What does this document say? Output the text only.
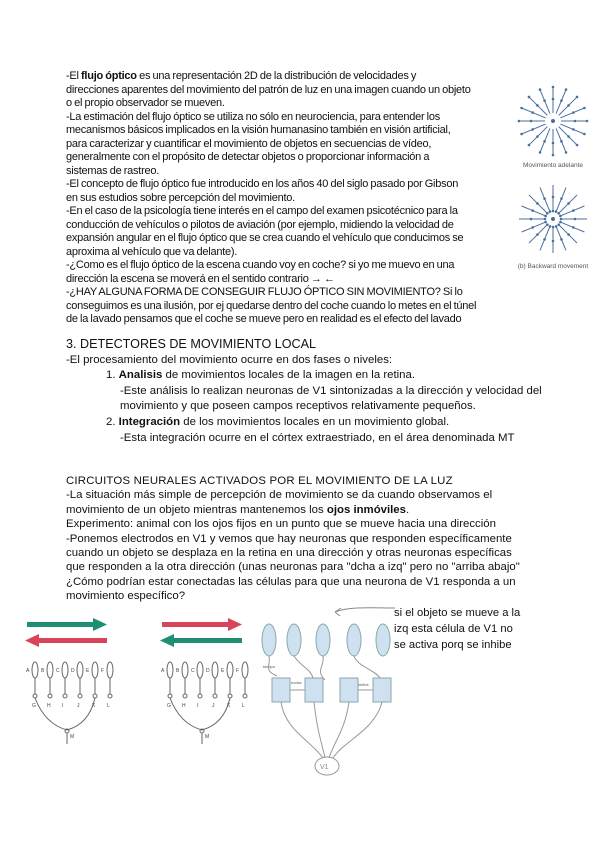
-El flujo óptico es una representación 2D de la distribución de velocidades y
direcciones aparentes del movimiento del patrón de luz en una imagen cuando un objeto
o el propio observador se mueven.
-La estimación del flujo óptico se utiliza no sólo en neurociencia, para entender los
mecanismos básicos implicados en la visión humanasino también en visión artificial,
para caracterizar y cuantificar el movimiento de objetos en secuencias de vídeo,
generalmente con el propósito de detectar objetos o proporcionar información a
sistemas de rastreo.
-El concepto de flujo óptico fue introducido en los años 40 del siglo pasado por Gibson
en sus estudios sobre percepción del movimiento.
-En el caso de la psicología tiene interés en el campo del examen psicotécnico para la
conducción de vehículos o pilotos de aviación (por ejemplo, midiendo la velocidad de
expansión angular en el flujo óptico que se crea cuando el vehículo que conducimos se
aproxima al vehículo que va delante).
-¿Como es el flujo óptico de la escena cuando voy en coche? si yo me muevo en una
dirección la escena se moverá en el sentido contrario → ←
-¿HAY ALGUNA FORMA DE CONSEGUIR FLUJO ÓPTICO SIN MOVIMIENTO? Si lo
conseguimos es una ilusión, por ej quedarse dentro del coche cuando lo metes en el túnel
de la lavado pensamos que el coche se mueve pero en realidad es el efecto del lavado
3. DETECTORES DE MOVIMIENTO LOCAL
-El procesamiento del movimiento ocurre en dos fases o niveles:
1. Analisis de movimientos locales de la imagen en la retina.
-Este análisis lo realizan neuronas de V1 sintonizadas a la dirección y velocidad del
movimiento y que poseen campos receptivos relativamente pequeños.
2. Integración de los movimientos locales en un movimiento global.
-Esta integración ocurre en el córtex extraestriado, en el área denominada MT
CIRCUITOS NEURALES ACTIVADOS POR EL MOVIMIENTO DE LA LUZ
-La situación más simple de percepción de movimiento se da cuando observamos el
movimiento de un objeto mientras mantenemos los ojos inmóviles.
Experimento: animal con los ojos fijos en un punto que se mueve hacia una dirección
-Ponemos electrodos en V1 y vemos que hay neuronas que responden específicamente
cuando un objeto se desplaza en la retina en una dirección y otras neuronas específicas
que responden a la otra dirección (unas neuronas para "dcha a izq" pero no "arriba abajo"
¿Cómo podrían estar conectadas las células para que una neurona de V1 responda a un
movimiento específico?
Movimiento adelante
(b) Backward movement
A
G
B
H
C
I
D
J
E
K
F
L
M
A
G
B
H
C
I
D
J
E
K
F
L
M
tiempo
excita	inhibe
V1
si el objeto se mueve a la
izq esta célula de V1 no
se activa porq se inhibe
